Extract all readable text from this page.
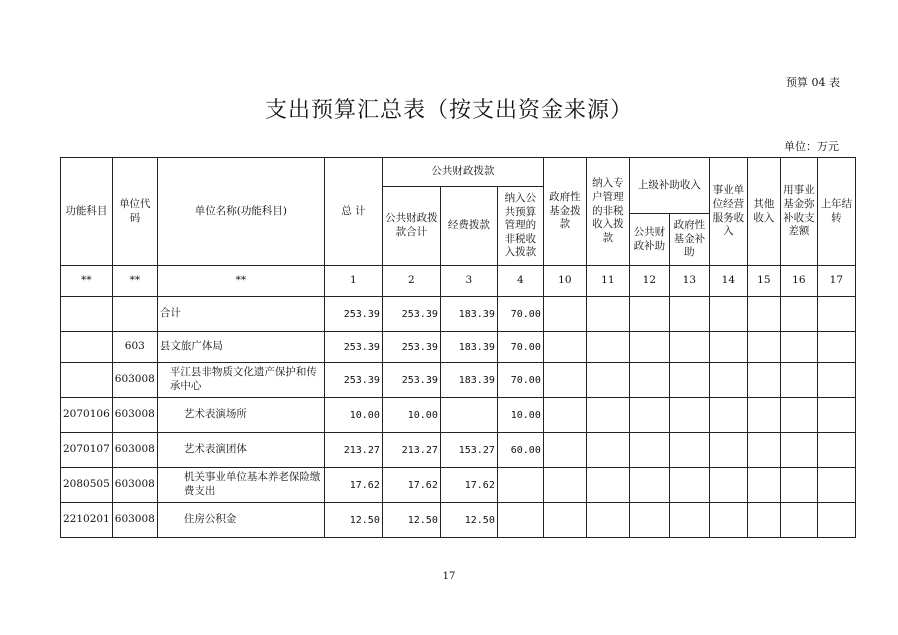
预算 04 表
支出预算汇总表（按支出资金来源）
单位：万元
功能科目	单位代码	单位名称(功能科目)	总 计	公共财政拨款			政府性基金拨款	纳入专户管理的非税收入拨款	上级补助收入		事业单位经营服务收入	其他收入	用事业基金弥补收支差额	上年结转
				公共财政拨款合计	经费拨款	纳入公共预算管理的非税收入拨款								
									公共财政补助	政府性基金补助				
**	**	**	1	2	3	4	10	11	12	13	14	15	16	17
		合计	253.39	253.39	183.39	70.00								
	603	县文旅广体局	253.39	253.39	183.39	70.00								
	603008	平江县非物质文化遗产保护和传承中心	253.39	253.39	183.39	70.00								
2070106	603008	艺术表演场所	10.00	10.00		10.00								
2070107	603008	艺术表演团体	213.27	213.27	153.27	60.00								
2080505	603008	机关事业单位基本养老保险缴费支出	17.62	17.62	17.62									
2210201	603008	住房公积金	12.50	12.50	12.50									
17
